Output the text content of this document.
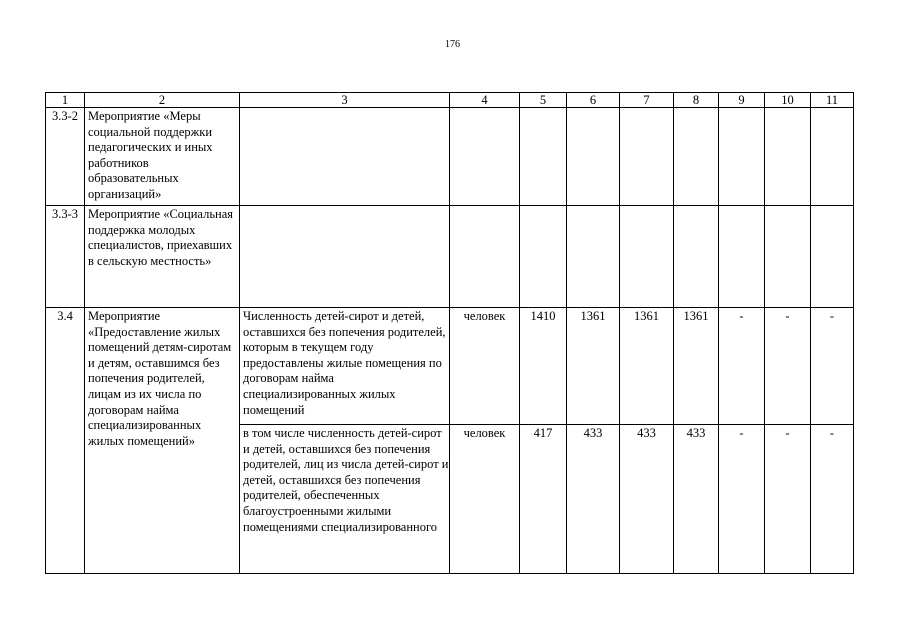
176
1	2	3	4	5	6	7	8	9	10	11
3.3-2	Мероприятие «Меры социальной поддержки педагогических и иных работников образовательных организаций»									
3.3-3	Мероприятие «Социальная поддержка молодых специалистов, приехавших в сельскую местность»									
3.4	Мероприятие «Предоставление жилых помещений детям-сиротам и детям, оставшимся без попечения родителей, лицам из их числа по договорам найма специализированных жилых помещений»	Численность детей-сирот и детей, оставшихся без попечения родителей, которым в текущем году предоставлены жилые помещения по договорам найма специализированных жилых помещений	человек	1410	1361	1361	1361	-	-	-
		в том числе численность детей-сирот и детей, оставшихся без попечения родителей, лиц из числа детей-сирот и детей, оставшихся без попечения родителей, обеспеченных благоустроенными жилыми помещениями специализированного	человек	417	433	433	433	-	-	-
